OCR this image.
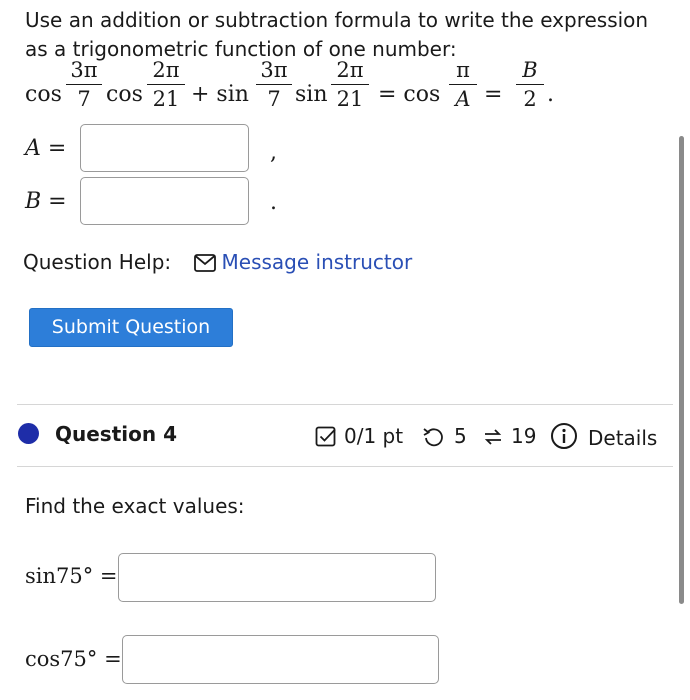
Use an addition or subtraction formula to write the expression as a trigonometric function of one number:
cos
3π
7 cos
2π
21 + sin
3π
7 sin
2π
21 = cos
π
A =
B
2 .
A =	,
B =	.
Question Help:	Message instructor
Submit Question
Question 4	0/1 pt	5 19	Details
Find the exact values:
sin75° =
cos75° =
